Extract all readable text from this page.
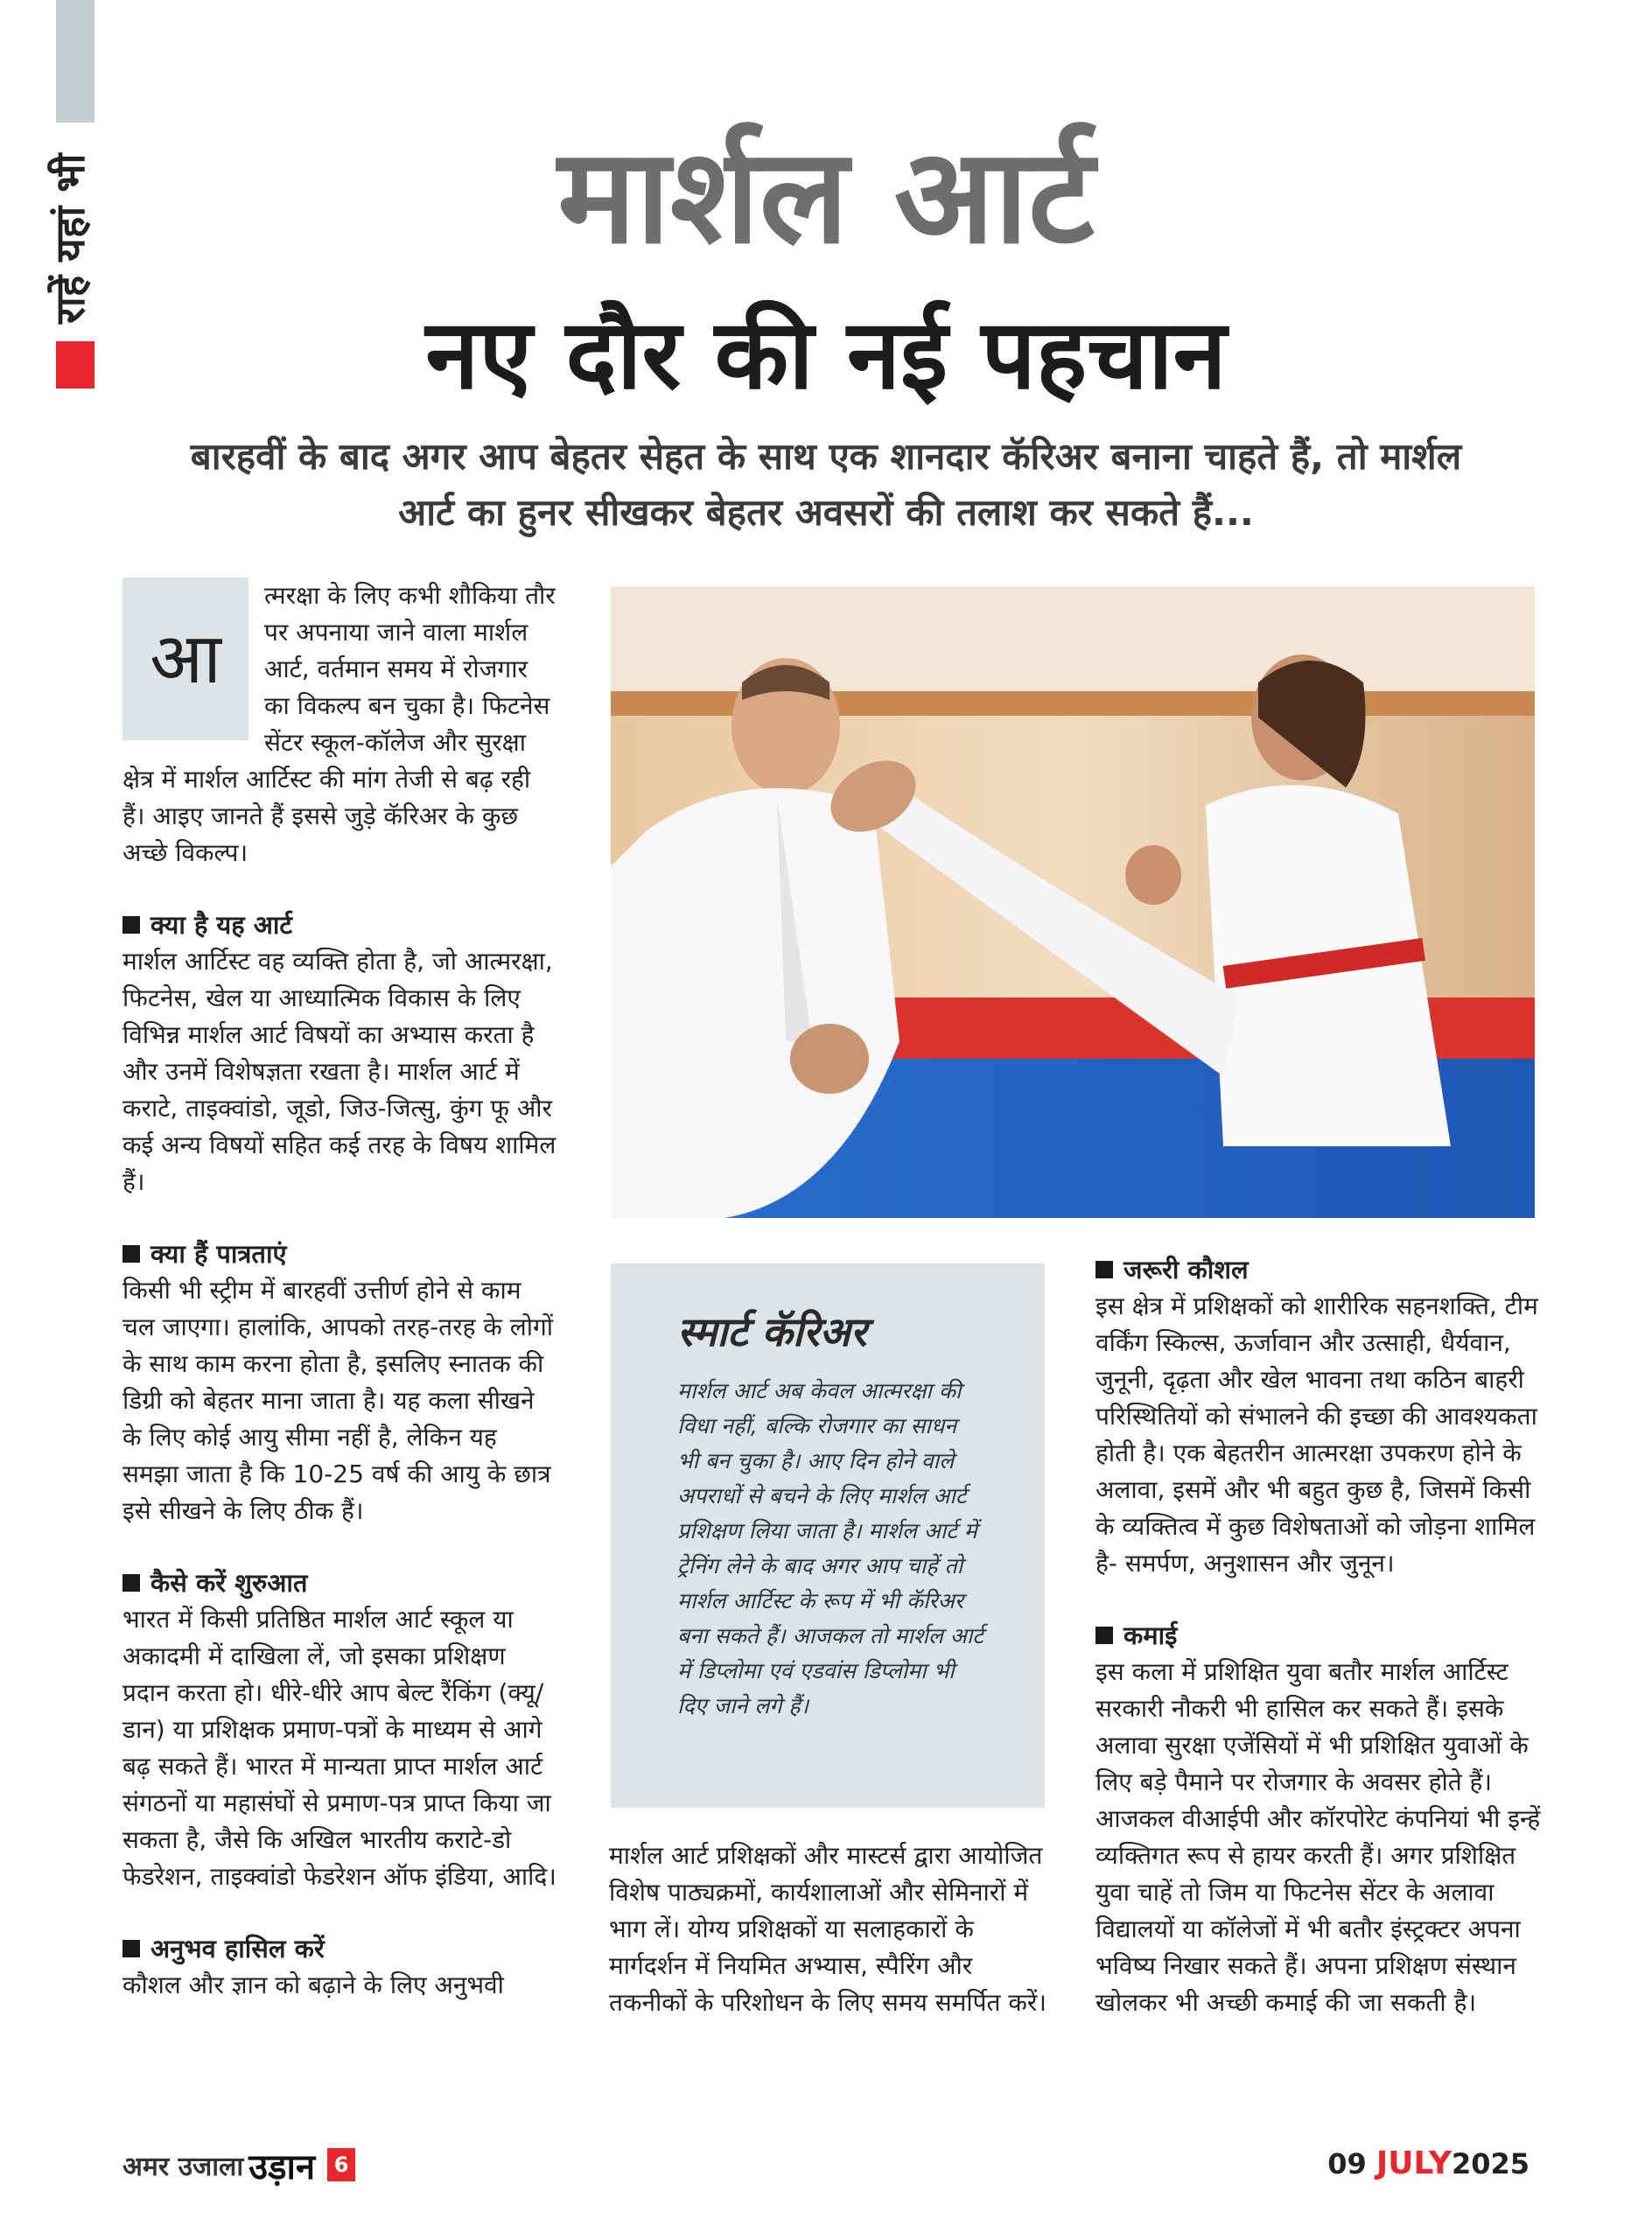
राहें यहां भी	मार्शल आर्ट
नए दौर की नई पहचान
बारहवीं के बाद अगर आप बेहतर सेहत के साथ एक शानदार कॅरिअर बनाना चाहते हैं, तो मार्शल आर्ट का हुनर सीखकर बेहतर अवसरों की तलाश कर सकते हैं...

आ
त्मरक्षा के लिए कभी शौकिया तौर पर अपनाया जाने वाला मार्शल आर्ट, वर्तमान समय में रोजगार का विकल्प बन चुका है। फिटनेस सेंटर स्कूल-कॉलेज और सुरक्षा क्षेत्र में मार्शल आर्टिस्ट की मांग तेजी से बढ़ रही हैं। आइए जानते हैं इससे जुड़े कॅरिअर के कुछ अच्छे विकल्प।

क्या है यह आर्ट

मार्शल आर्टिस्ट वह व्यक्ति होता है, जो आत्मरक्षा, फिटनेस, खेल या आध्यात्मिक विकास के लिए विभिन्न मार्शल आर्ट विषयों का अभ्यास करता है और उनमें विशेषज्ञता रखता है। मार्शल आर्ट में कराटे, ताइक्वांडो, जूडो, जिउ-जित्सु, कुंग फू और कई अन्य विषयों सहित कई तरह के विषय शामिल हैं।

क्या हैं पात्रताएं

किसी भी स्ट्रीम में बारहवीं उत्तीर्ण होने से काम चल जाएगा। हालांकि, आपको तरह-तरह के लोगों के साथ काम करना होता है, इसलिए स्नातक की डिग्री को बेहतर माना जाता है। यह कला सीखने के लिए कोई आयु सीमा नहीं है, लेकिन यह समझा जाता है कि 10-25 वर्ष की आयु के छात्र इसे सीखने के लिए ठीक हैं।

कैसे करें शुरुआत

भारत में किसी प्रतिष्ठित मार्शल आर्ट स्कूल या अकादमी में दाखिला लें, जो इसका प्रशिक्षण प्रदान करता हो। धीरे-धीरे आप बेल्ट रैंकिंग (क्यू/डान) या प्रशिक्षक प्रमाण-पत्रों के माध्यम से आगे बढ़ सकते हैं। भारत में मान्यता प्राप्त मार्शल आर्ट संगठनों या महासंघों से प्रमाण-पत्र प्राप्त किया जा सकता है, जैसे कि अखिल भारतीय कराटे-डो फेडरेशन, ताइक्वांडो फेडरेशन ऑफ इंडिया, आदि।

अनुभव हासिल करें

कौशल और ज्ञान को बढ़ाने के लिए अनुभवी

स्मार्ट कॅरिअर
मार्शल आर्ट अब केवल आत्मरक्षा की विधा नहीं, बल्कि रोजगार का साधन भी बन चुका है। आए दिन होने वाले अपराधों से बचने के लिए मार्शल आर्ट प्रशिक्षण लिया जाता है। मार्शल आर्ट में ट्रेनिंग लेने के बाद अगर आप चाहें तो मार्शल आर्टिस्ट के रूप में भी कॅरिअर बना सकते हैं। आजकल तो मार्शल आर्ट में डिप्लोमा एवं एडवांस डिप्लोमा भी दिए जाने लगे हैं।

मार्शल आर्ट प्रशिक्षकों और मास्टर्स द्वारा आयोजित विशेष पाठ्यक्रमों, कार्यशालाओं और सेमिनारों में भाग लें। योग्य प्रशिक्षकों या सलाहकारों के मार्गदर्शन में नियमित अभ्यास, स्पैरिंग और तकनीकों के परिशोधन के लिए समय समर्पित करें।

जरूरी कौशल

इस क्षेत्र में प्रशिक्षकों को शारीरिक सहनशक्ति, टीम वर्किंग स्किल्स, ऊर्जावान और उत्साही, धैर्यवान, जुनूनी, दृढ़ता और खेल भावना तथा कठिन बाहरी परिस्थितियों को संभालने की इच्छा की आवश्यकता होती है। एक बेहतरीन आत्मरक्षा उपकरण होने के अलावा, इसमें और भी बहुत कुछ है, जिसमें किसी के व्यक्तित्व में कुछ विशेषताओं को जोड़ना शामिल है- समर्पण, अनुशासन और जुनून।

कमाई

इस कला में प्रशिक्षित युवा बतौर मार्शल आर्टिस्ट सरकारी नौकरी भी हासिल कर सकते हैं। इसके अलावा सुरक्षा एजेंसियों में भी प्रशिक्षित युवाओं के लिए बड़े पैमाने पर रोजगार के अवसर होते हैं। आजकल वीआईपी और कॉरपोरेट कंपनियां भी इन्हें व्यक्तिगत रूप से हायर करती हैं। अगर प्रशिक्षित युवा चाहें तो जिम या फिटनेस सेंटर के अलावा विद्यालयों या कॉलेजों में भी बतौर इंस्ट्रक्टर अपना भविष्य निखार सकते हैं। अपना प्रशिक्षण संस्थान खोलकर भी अच्छी कमाई की जा सकती है।

अमर उजाला उड़ान 6	09 JULY2025
